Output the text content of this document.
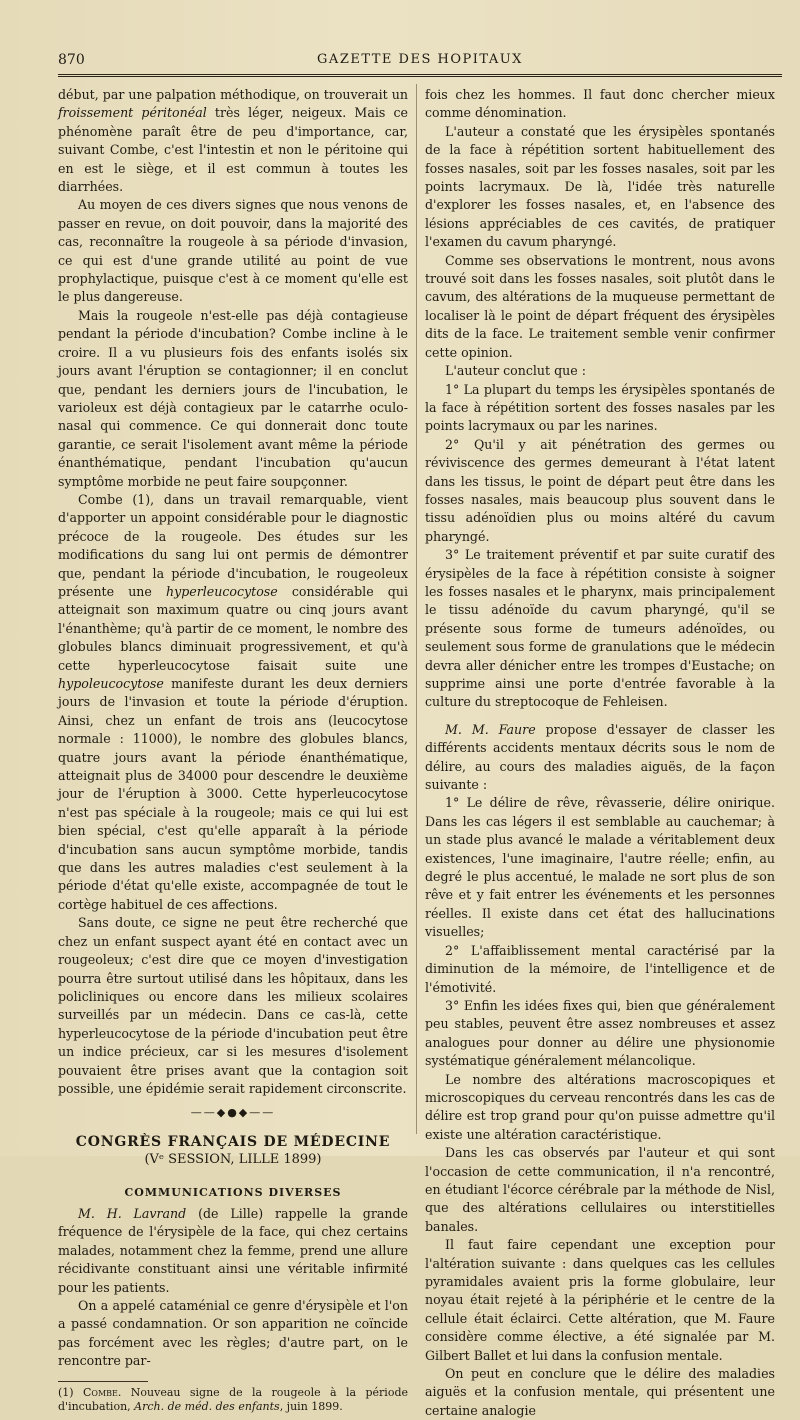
870	GAZETTE DES HOPITAUX

début, par une palpation méthodique, on trouverait un froissement péritonéal très léger, neigeux. Mais ce phénomène paraît être de peu d'importance, car, suivant Combe, c'est l'intestin et non le péritoine qui en est le siège, et il est commun à toutes les diarrhées.

Au moyen de ces divers signes que nous venons de passer en revue, on doit pouvoir, dans la majorité des cas, reconnaître la rougeole à sa période d'invasion, ce qui est d'une grande utilité au point de vue prophylactique, puisque c'est à ce moment qu'elle est le plus dangereuse.

Mais la rougeole n'est-elle pas déjà contagieuse pendant la période d'incubation? Combe incline à le croire. Il a vu plusieurs fois des enfants isolés six jours avant l'éruption se contagionner; il en conclut que, pendant les derniers jours de l'incubation, le varioleux est déjà contagieux par le catarrhe oculo-nasal qui commence. Ce qui donnerait donc toute garantie, ce serait l'isolement avant même la période énanthématique, pendant l'incubation qu'aucun symptôme morbide ne peut faire soupçonner.

Combe (1), dans un travail remarquable, vient d'apporter un appoint considérable pour le diagnostic précoce de la rougeole. Des études sur les modifications du sang lui ont permis de démontrer que, pendant la période d'incubation, le rougeoleux présente une hyperleucocytose considérable qui atteignait son maximum quatre ou cinq jours avant l'énanthème; qu'à partir de ce moment, le nombre des globules blancs diminuait progressivement, et qu'à cette hyperleucocytose faisait suite une hypoleucocytose manifeste durant les deux derniers jours de l'invasion et toute la période d'éruption. Ainsi, chez un enfant de trois ans (leucocytose normale : 11000), le nombre des globules blancs, quatre jours avant la période énanthématique, atteignait plus de 34000 pour descendre le deuxième jour de l'éruption à 3000. Cette hyperleucocytose n'est pas spéciale à la rougeole; mais ce qui lui est bien spécial, c'est qu'elle apparaît à la période d'incubation sans aucun symptôme morbide, tandis que dans les autres maladies c'est seulement à la période d'état qu'elle existe, accompagnée de tout le cortège habituel de ces affections.

Sans doute, ce signe ne peut être recherché que chez un enfant suspect ayant été en contact avec un rougeoleux; c'est dire que ce moyen d'investigation pourra être surtout utilisé dans les hôpitaux, dans les policliniques ou encore dans les milieux scolaires surveillés par un médecin. Dans ce cas-là, cette hyperleucocytose de la période d'incubation peut être un indice précieux, car si les mesures d'isolement pouvaient être prises avant que la contagion soit possible, une épidémie serait rapidement circonscrite.

——◆●◆——
CONGRÈS FRANÇAIS DE MÉDECINE
(Vᵉ SESSION, LILLE 1899)
COMMUNICATIONS DIVERSES

M. H. Lavrand (de Lille) rappelle la grande fréquence de l'érysipèle de la face, qui chez certains malades, notamment chez la femme, prend une allure récidivante constituant ainsi une véritable infirmité pour les patients.

On a appelé cataménial ce genre d'érysipèle et l'on a passé condamnation. Or son apparition ne coïncide pas forcément avec les règles; d'autre part, on le rencontre par-

(1) Combe. Nouveau signe de la rougeole à la période d'incubation, Arch. de méd. des enfants, juin 1899.

fois chez les hommes. Il faut donc chercher mieux comme dénomination.

L'auteur a constaté que les érysipèles spontanés de la face à répétition sortent habituellement des fosses nasales, soit par les fosses nasales, soit par les points lacrymaux. De là, l'idée très naturelle d'explorer les fosses nasales, et, en l'absence des lésions appréciables de ces cavités, de pratiquer l'examen du cavum pharyngé.

Comme ses observations le montrent, nous avons trouvé soit dans les fosses nasales, soit plutôt dans le cavum, des altérations de la muqueuse permettant de localiser là le point de départ fréquent des érysipèles dits de la face. Le traitement semble venir confirmer cette opinion.

L'auteur conclut que :

1° La plupart du temps les érysipèles spontanés de la face à répétition sortent des fosses nasales par les points lacrymaux ou par les narines.

2° Qu'il y ait pénétration des germes ou réviviscence des germes demeurant à l'état latent dans les tissus, le point de départ peut être dans les fosses nasales, mais beaucoup plus souvent dans le tissu adénoïdien plus ou moins altéré du cavum pharyngé.

3° Le traitement préventif et par suite curatif des érysipèles de la face à répétition consiste à soigner les fosses nasales et le pharynx, mais principalement le tissu adénoïde du cavum pharyngé, qu'il se présente sous forme de tumeurs adénoïdes, ou seulement sous forme de granulations que le médecin devra aller dénicher entre les trompes d'Eustache; on supprime ainsi une porte d'entrée favorable à la culture du streptocoque de Fehleisen.

M. M. Faure propose d'essayer de classer les différents accidents mentaux décrits sous le nom de délire, au cours des maladies aiguës, de la façon suivante :

1° Le délire de rêve, rêvasserie, délire onirique. Dans les cas légers il est semblable au cauchemar; à un stade plus avancé le malade a véritablement deux existences, l'une imaginaire, l'autre réelle; enfin, au degré le plus accentué, le malade ne sort plus de son rêve et y fait entrer les événements et les personnes réelles. Il existe dans cet état des hallucinations visuelles;

2° L'affaiblissement mental caractérisé par la diminution de la mémoire, de l'intelligence et de l'émotivité.

3° Enfin les idées fixes qui, bien que généralement peu stables, peuvent être assez nombreuses et assez analogues pour donner au délire une physionomie systématique généralement mélancolique.

Le nombre des altérations macroscopiques et microscopiques du cerveau rencontrés dans les cas de délire est trop grand pour qu'on puisse admettre qu'il existe une altération caractéristique.

Dans les cas observés par l'auteur et qui sont l'occasion de cette communication, il n'a rencontré, en étudiant l'écorce cérébrale par la méthode de Nisl, que des altérations cellulaires ou interstitielles banales.

Il faut faire cependant une exception pour l'altération suivante : dans quelques cas les cellules pyramidales avaient pris la forme globulaire, leur noyau était rejeté à la périphérie et le centre de la cellule était éclairci. Cette altération, que M. Faure considère comme élective, a été signalée par M. Gilbert Ballet et lui dans la confusion mentale.

On peut en conclure que le délire des maladies aiguës et la confusion mentale, qui présentent une certaine analogie
